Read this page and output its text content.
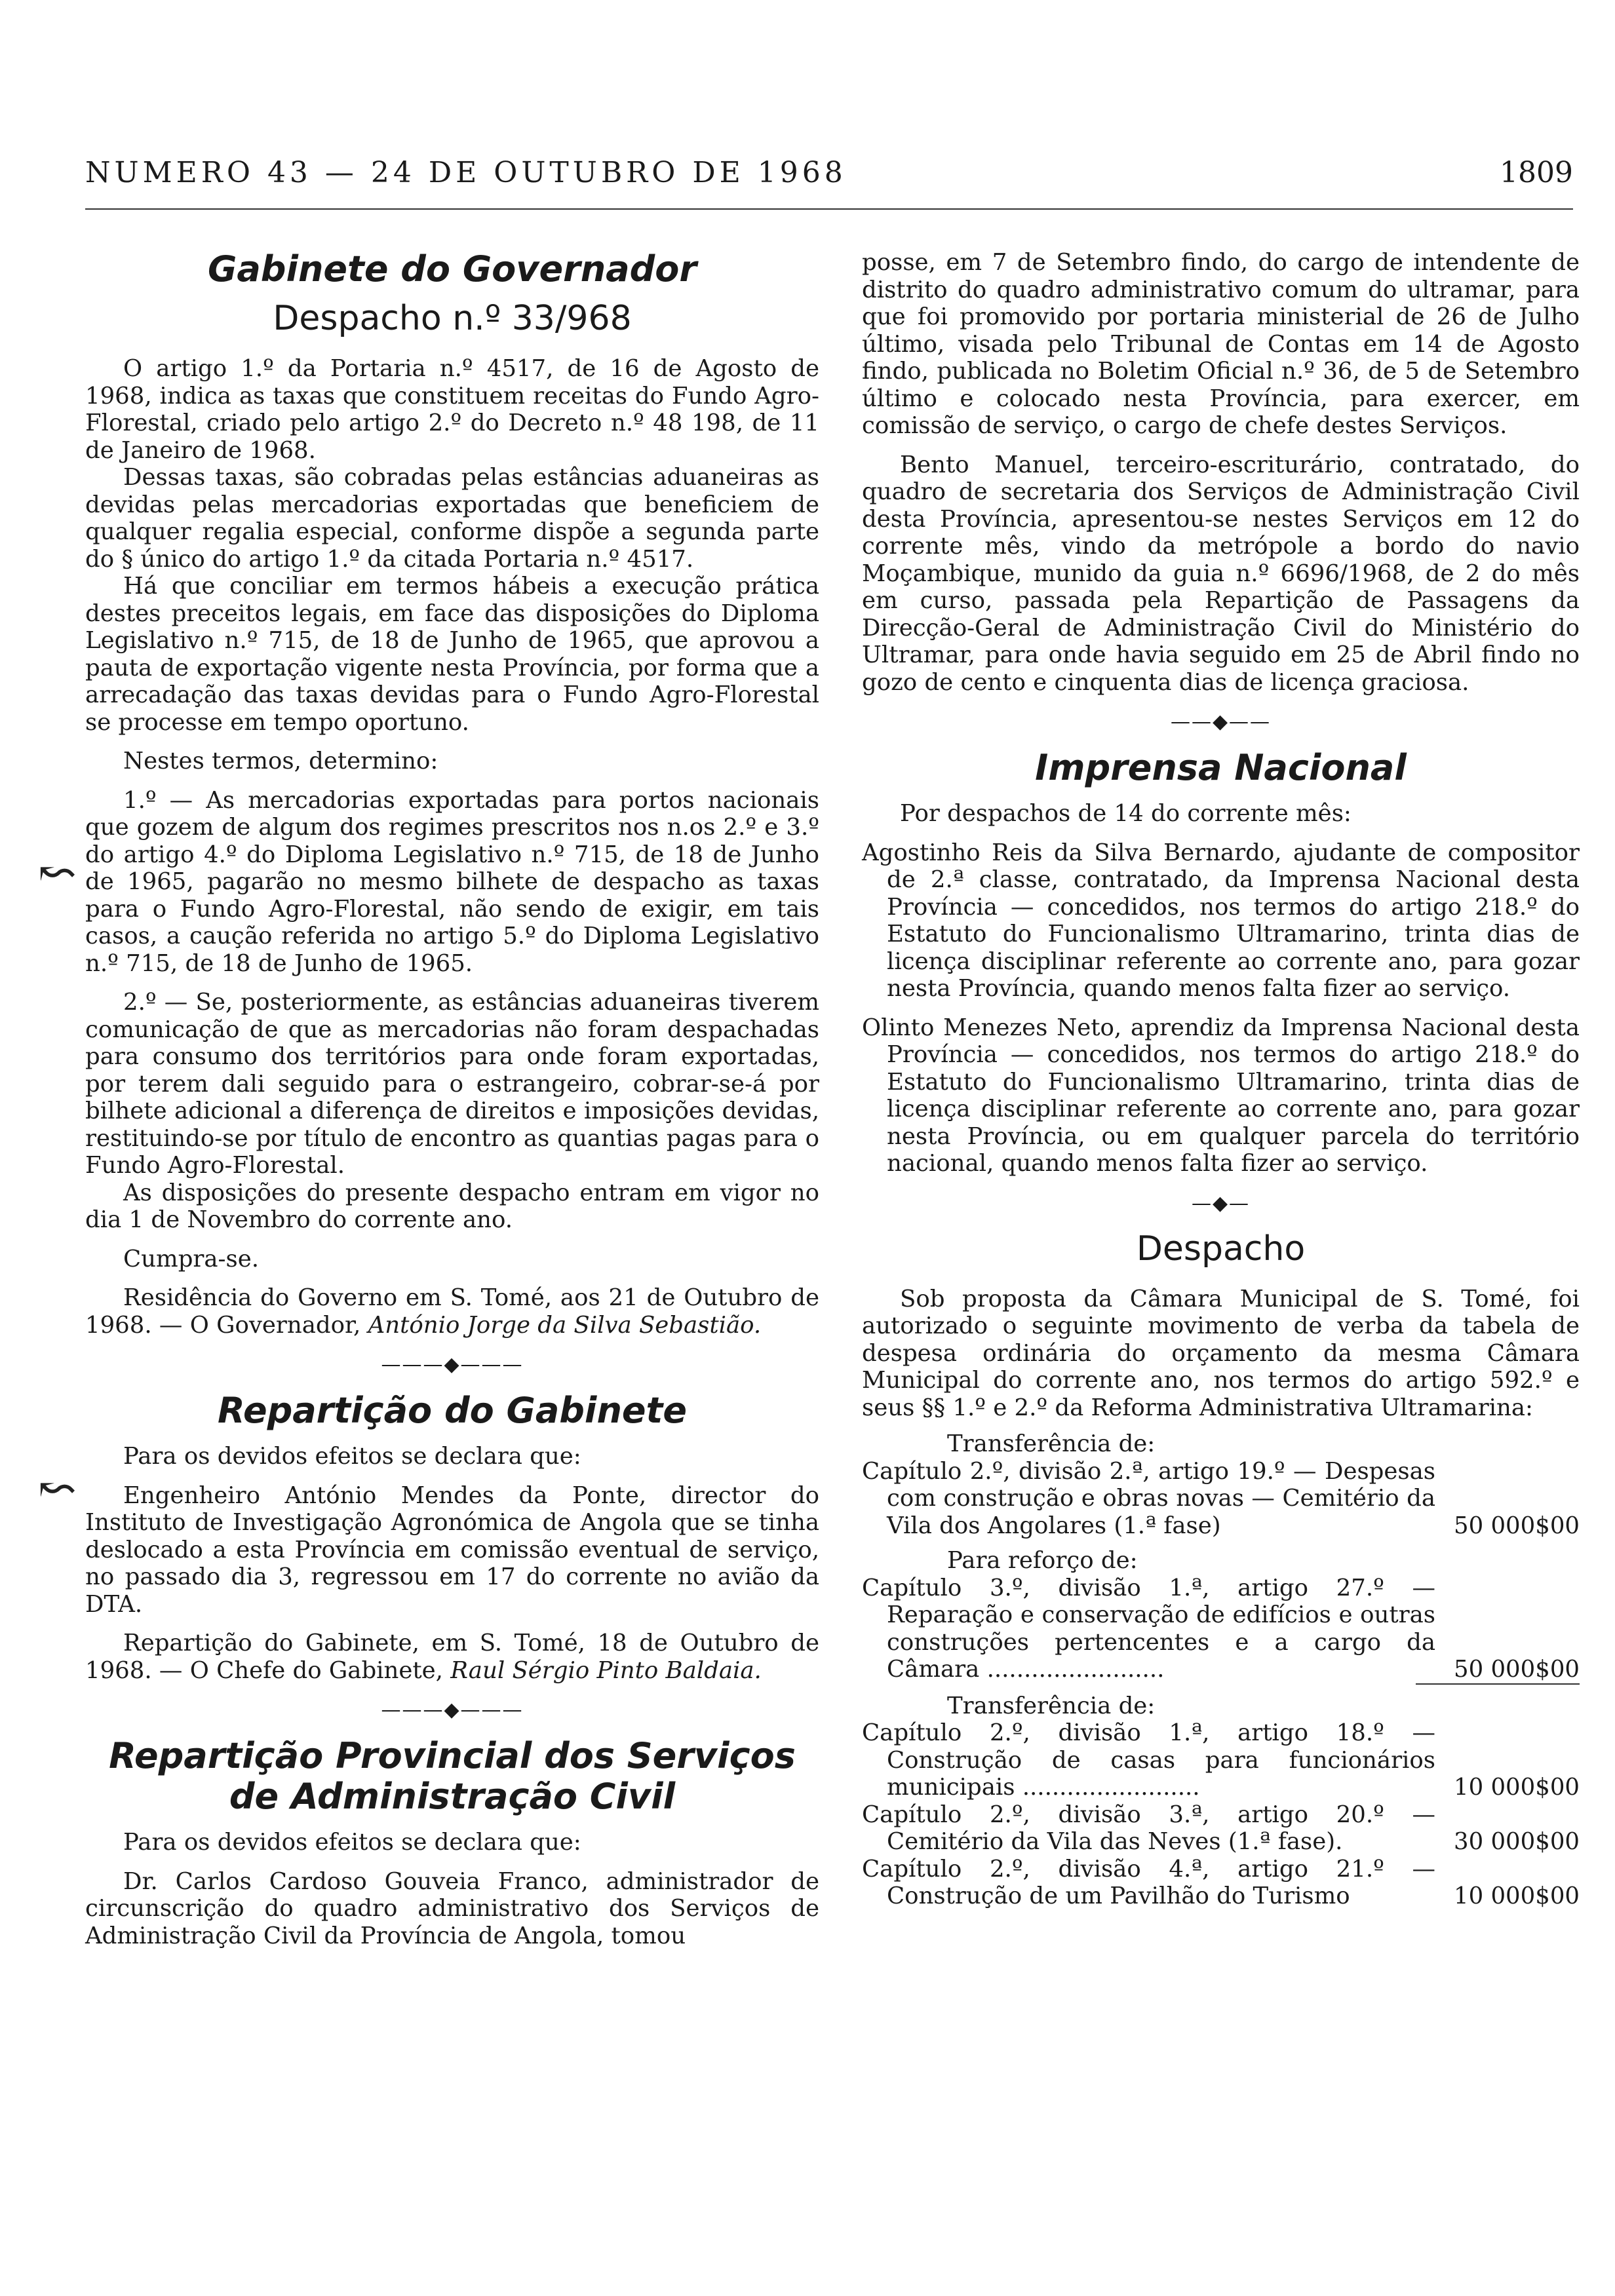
NUMERO 43 — 24 DE OUTUBRO DE 1968	1809
↜
↜
Gabinete do Governador
Despacho n.º 33/968

O artigo 1.º da Portaria n.º 4517, de 16 de Agosto de 1968, indica as taxas que constituem receitas do Fundo Agro-Florestal, criado pelo artigo 2.º do Decreto n.º 48 198, de 11 de Janeiro de 1968.

Dessas taxas, são cobradas pelas estâncias aduaneiras as devidas pelas mercadorias exportadas que beneficiem de qualquer regalia especial, conforme dispõe a segunda parte do § único do artigo 1.º da citada Portaria n.º 4517.

Há que conciliar em termos hábeis a execução prática destes preceitos legais, em face das disposições do Diploma Legislativo n.º 715, de 18 de Junho de 1965, que aprovou a pauta de exportação vigente nesta Província, por forma que a arrecadação das taxas devidas para o Fundo Agro-Florestal se processe em tempo oportuno.

Nestes termos, determino:

1.º — As mercadorias exportadas para portos nacionais que gozem de algum dos regimes prescritos nos n.os 2.º e 3.º do artigo 4.º do Diploma Legislativo n.º 715, de 18 de Junho de 1965, pagarão no mesmo bilhete de despacho as taxas para o Fundo Agro-Florestal, não sendo de exigir, em tais casos, a caução referida no artigo 5.º do Diploma Legislativo n.º 715, de 18 de Junho de 1965.

2.º — Se, posteriormente, as estâncias aduaneiras tiverem comunicação de que as mercadorias não foram despachadas para consumo dos territórios para onde foram exportadas, por terem dali seguido para o estrangeiro, cobrar-se-á por bilhete adicional a diferença de direitos e imposições devidas, restituindo-se por título de encontro as quantias pagas para o Fundo Agro-Florestal.

As disposições do presente despacho entram em vigor no dia 1 de Novembro do corrente ano.

Cumpra-se.

Residência do Governo em S. Tomé, aos 21 de Outubro de 1968. — O Governador, António Jorge da Silva Sebastião.

———◆———
Repartição do Gabinete

Para os devidos efeitos se declara que:

Engenheiro António Mendes da Ponte, director do Instituto de Investigação Agronómica de Angola que se tinha deslocado a esta Província em comissão eventual de serviço, no passado dia 3, regressou em 17 do corrente no avião da DTA.

Repartição do Gabinete, em S. Tomé, 18 de Outubro de 1968. — O Chefe do Gabinete, Raul Sérgio Pinto Baldaia.

———◆———
Repartição Provincial dos Serviços de Administração Civil

Para os devidos efeitos se declara que:

Dr. Carlos Cardoso Gouveia Franco, administrador de circunscrição do quadro administrativo dos Serviços de Administração Civil da Província de Angola, tomou

posse, em 7 de Setembro findo, do cargo de intendente de distrito do quadro administrativo comum do ultramar, para que foi promovido por portaria ministerial de 26 de Julho último, visada pelo Tribunal de Contas em 14 de Agosto findo, publicada no Boletim Oficial n.º 36, de 5 de Setembro último e colocado nesta Província, para exercer, em comissão de serviço, o cargo de chefe destes Serviços.

Bento Manuel, terceiro-escriturário, contratado, do quadro de secretaria dos Serviços de Administração Civil desta Província, apresentou-se nestes Serviços em 12 do corrente mês, vindo da metrópole a bordo do navio Moçambique, munido da guia n.º 6696/1968, de 2 do mês em curso, passada pela Repartição de Passagens da Direcção-Geral de Administração Civil do Ministério do Ultramar, para onde havia seguido em 25 de Abril findo no gozo de cento e cinquenta dias de licença graciosa.

——◆——
Imprensa Nacional

Por despachos de 14 do corrente mês:

Agostinho Reis da Silva Bernardo, ajudante de compositor de 2.ª classe, contratado, da Imprensa Nacional desta Província — concedidos, nos termos do artigo 218.º do Estatuto do Funcionalismo Ultramarino, trinta dias de licença disciplinar referente ao corrente ano, para gozar nesta Província, quando menos falta fizer ao serviço.

Olinto Menezes Neto, aprendiz da Imprensa Nacional desta Província — concedidos, nos termos do artigo 218.º do Estatuto do Funcionalismo Ultramarino, trinta dias de licença disciplinar referente ao corrente ano, para gozar nesta Província, ou em qualquer parcela do território nacional, quando menos falta fizer ao serviço.

—◆—
Despacho

Sob proposta da Câmara Municipal de S. Tomé, foi autorizado o seguinte movimento de verba da tabela de despesa ordinária do orçamento da mesma Câmara Municipal do corrente ano, nos termos do artigo 592.º e seus §§ 1.º e 2.º da Reforma Administrativa Ultramarina:

Transferência de:
Capítulo 2.º, divisão 2.ª, artigo 19.º — Despesas com construção e obras novas — Cemitério da Vila dos Angolares (1.ª fase)	50 000$00
Para reforço de:
Capítulo 3.º, divisão 1.ª, artigo 27.º — Reparação e conservação de edifícios e outras construções pertencentes e a cargo da Câmara ........................	50 000$00
Transferência de:
Capítulo 2.º, divisão 1.ª, artigo 18.º — Construção de casas para funcionários municipais ........................	10 000$00
Capítulo 2.º, divisão 3.ª, artigo 20.º — Cemitério da Vila das Neves (1.ª fase).	30 000$00
Capítulo 2.º, divisão 4.ª, artigo 21.º — Construção de um Pavilhão do Turismo	10 000$00
